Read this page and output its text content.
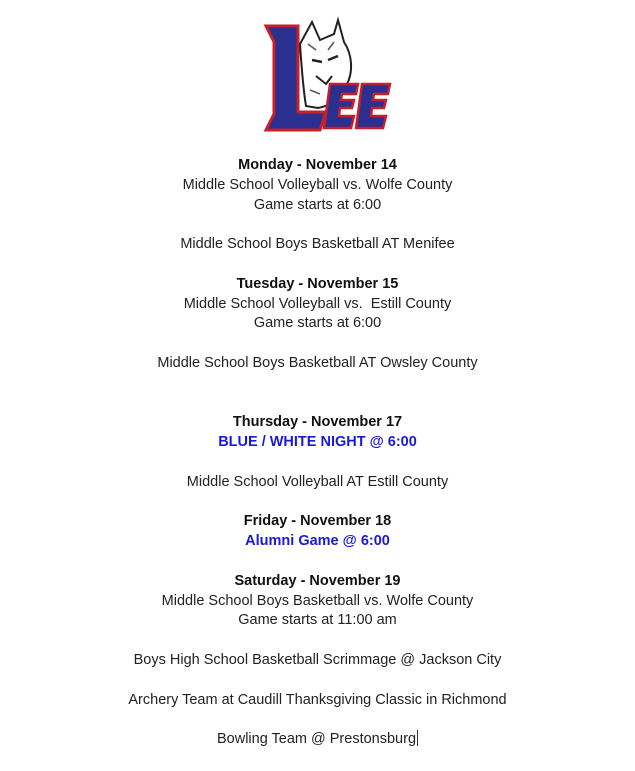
Monday - November 14
Middle School Volleyball vs. Wolfe County
Game starts at 6:00
Middle School Boys Basketball AT Menifee
Tuesday - November 15
Middle School Volleyball vs.  Estill County
Game starts at 6:00
Middle School Boys Basketball AT Owsley County
Thursday - November 17
BLUE / WHITE NIGHT @ 6:00
Middle School Volleyball AT Estill County
Friday - November 18
Alumni Game @ 6:00
Saturday - November 19
Middle School Boys Basketball vs. Wolfe County
Game starts at 11:00 am
Boys High School Basketball Scrimmage @ Jackson City
Archery Team at Caudill Thanksgiving Classic in Richmond
Bowling Team @ Prestonsburg
